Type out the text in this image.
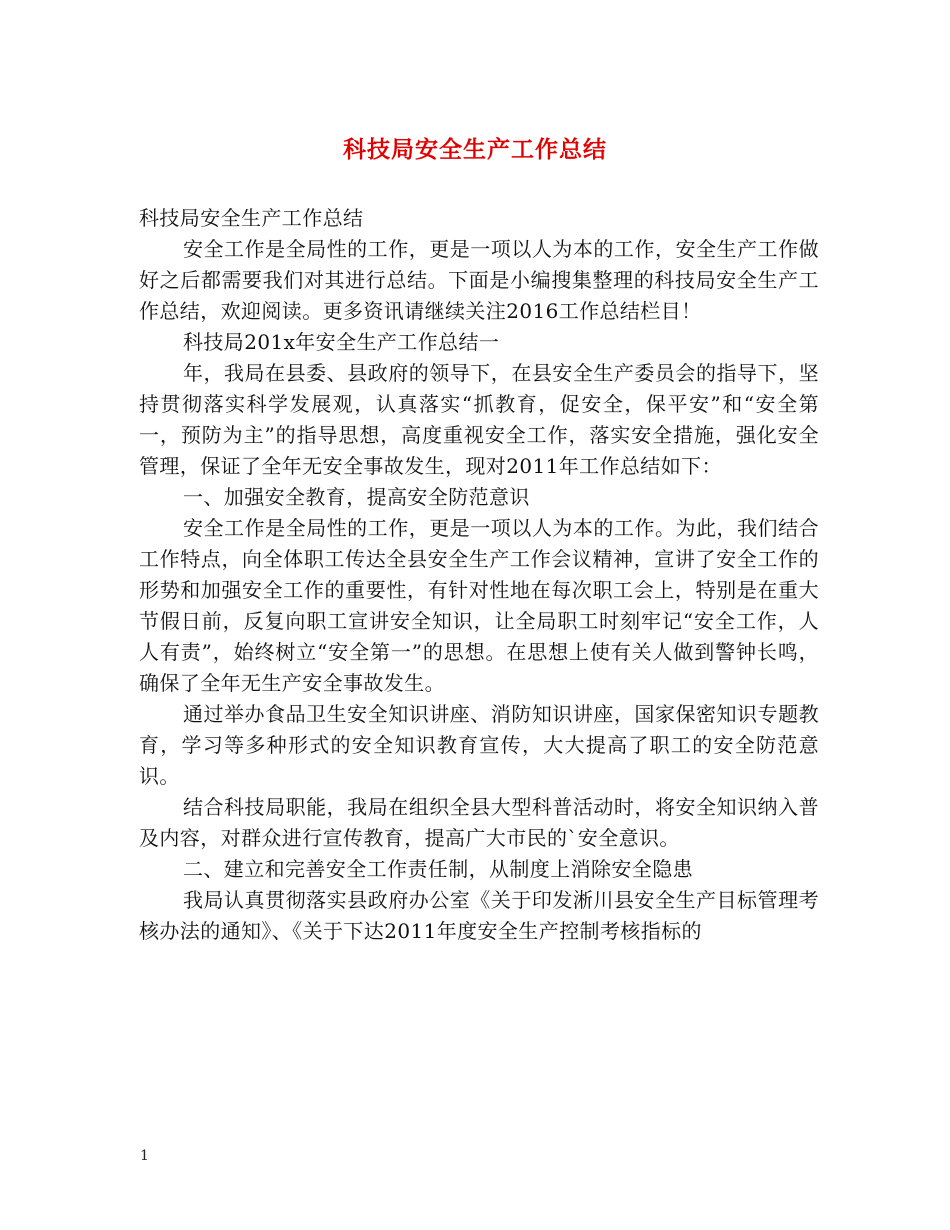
科技局安全生产工作总结

科技局安全生产工作总结

安全工作是全局性的工作，更是一项以人为本的工作，安全生产工作做好之后都需要我们对其进行总结。下面是小编搜集整理的科技局安全生产工作总结，欢迎阅读。更多资讯请继续关注2016工作总结栏目！

科技局201x年安全生产工作总结一

年，我局在县委、县政府的领导下，在县安全生产委员会的指导下，坚持贯彻落实科学发展观，认真落实“抓教育，促安全，保平安”和“安全第一，预防为主”的指导思想，高度重视安全工作，落实安全措施，强化安全管理，保证了全年无安全事故发生，现对2011年工作总结如下：

一、加强安全教育，提高安全防范意识

安全工作是全局性的工作，更是一项以人为本的工作。为此，我们结合工作特点，向全体职工传达全县安全生产工作会议精神，宣讲了安全工作的形势和加强安全工作的重要性，有针对性地在每次职工会上，特别是在重大节假日前，反复向职工宣讲安全知识，让全局职工时刻牢记“安全工作，人人有责”，始终树立“安全第一”的思想。在思想上使有关人做到警钟长鸣，确保了全年无生产安全事故发生。

通过举办食品卫生安全知识讲座、消防知识讲座，国家保密知识专题教育，学习等多种形式的安全知识教育宣传，大大提高了职工的安全防范意识。

结合科技局职能，我局在组织全县大型科普活动时，将安全知识纳入普及内容，对群众进行宣传教育，提高广大市民的`安全意识。

二、建立和完善安全工作责任制，从制度上消除安全隐患

我局认真贯彻落实县政府办公室《关于印发淅川县安全生产目标管理考核办法的通知》、《关于下达2011年度安全生产控制考核指标的

1
